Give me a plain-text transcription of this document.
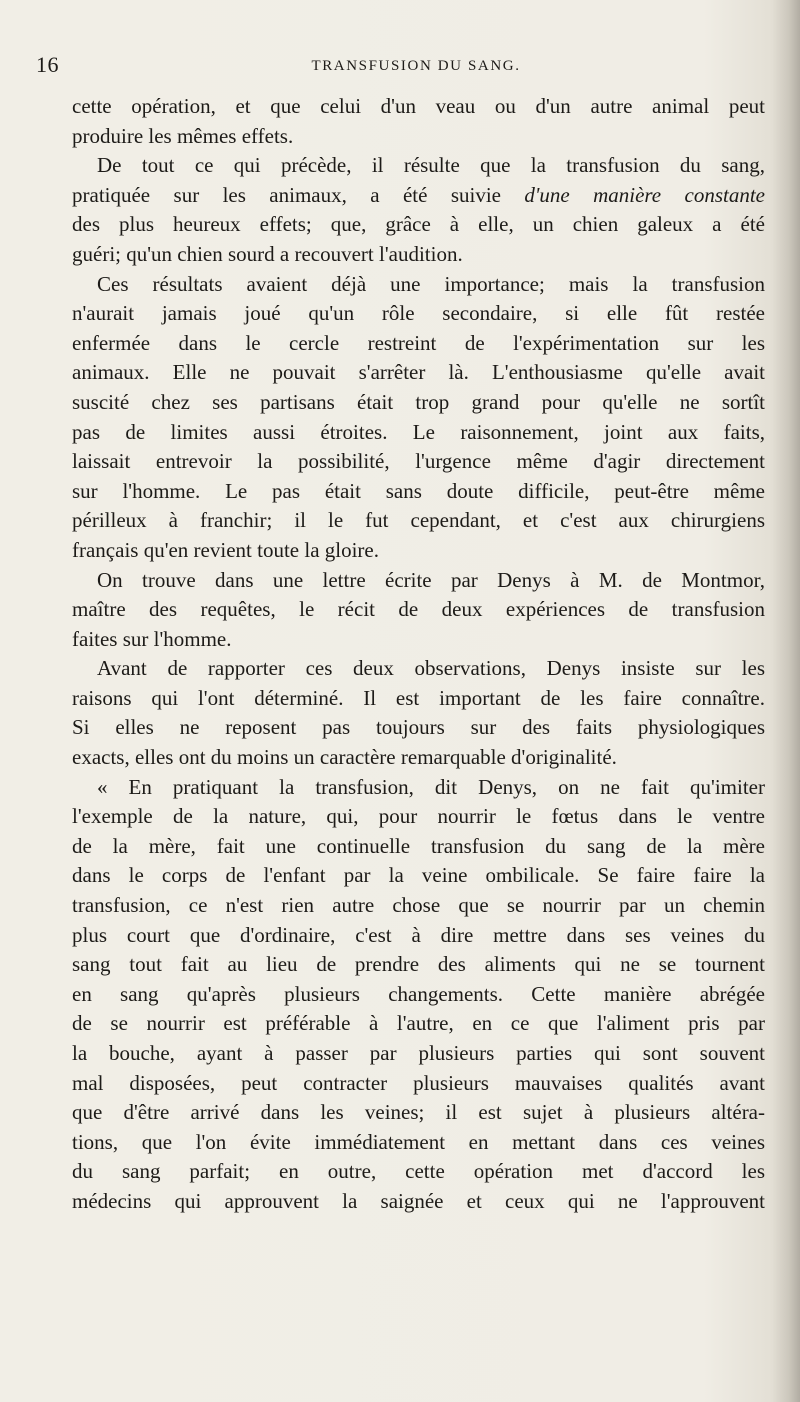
16	TRANSFUSION DU SANG.
cette opération, et que celui d'un veau ou d'un autre animal peut
produire les mêmes effets.
De tout ce qui précède, il résulte que la transfusion du sang,
pratiquée sur les animaux, a été suivie d'une manière constante
des plus heureux effets; que, grâce à elle, un chien galeux a été
guéri; qu'un chien sourd a recouvert l'audition.
Ces résultats avaient déjà une importance; mais la transfusion
n'aurait jamais joué qu'un rôle secondaire, si elle fût restée
enfermée dans le cercle restreint de l'expérimentation sur les
animaux. Elle ne pouvait s'arrêter là. L'enthousiasme qu'elle avait
suscité chez ses partisans était trop grand pour qu'elle ne sortît
pas de limites aussi étroites. Le raisonnement, joint aux faits,
laissait entrevoir la possibilité, l'urgence même d'agir directement
sur l'homme. Le pas était sans doute difficile, peut-être même
périlleux à franchir; il le fut cependant, et c'est aux chirurgiens
français qu'en revient toute la gloire.
On trouve dans une lettre écrite par Denys à M. de Montmor,
maître des requêtes, le récit de deux expériences de transfusion
faites sur l'homme.
Avant de rapporter ces deux observations, Denys insiste sur les
raisons qui l'ont déterminé. Il est important de les faire connaître.
Si elles ne reposent pas toujours sur des faits physiologiques
exacts, elles ont du moins un caractère remarquable d'originalité.
« En pratiquant la transfusion, dit Denys, on ne fait qu'imiter
l'exemple de la nature, qui, pour nourrir le fœtus dans le ventre
de la mère, fait une continuelle transfusion du sang de la mère
dans le corps de l'enfant par la veine ombilicale. Se faire faire la
transfusion, ce n'est rien autre chose que se nourrir par un chemin
plus court que d'ordinaire, c'est à dire mettre dans ses veines du
sang tout fait au lieu de prendre des aliments qui ne se tournent
en sang qu'après plusieurs changements. Cette manière abrégée
de se nourrir est préférable à l'autre, en ce que l'aliment pris par
la bouche, ayant à passer par plusieurs parties qui sont souvent
mal disposées, peut contracter plusieurs mauvaises qualités avant
que d'être arrivé dans les veines; il est sujet à plusieurs altéra-
tions, que l'on évite immédiatement en mettant dans ces veines
du sang parfait; en outre, cette opération met d'accord les
médecins qui approuvent la saignée et ceux qui ne l'approuvent
